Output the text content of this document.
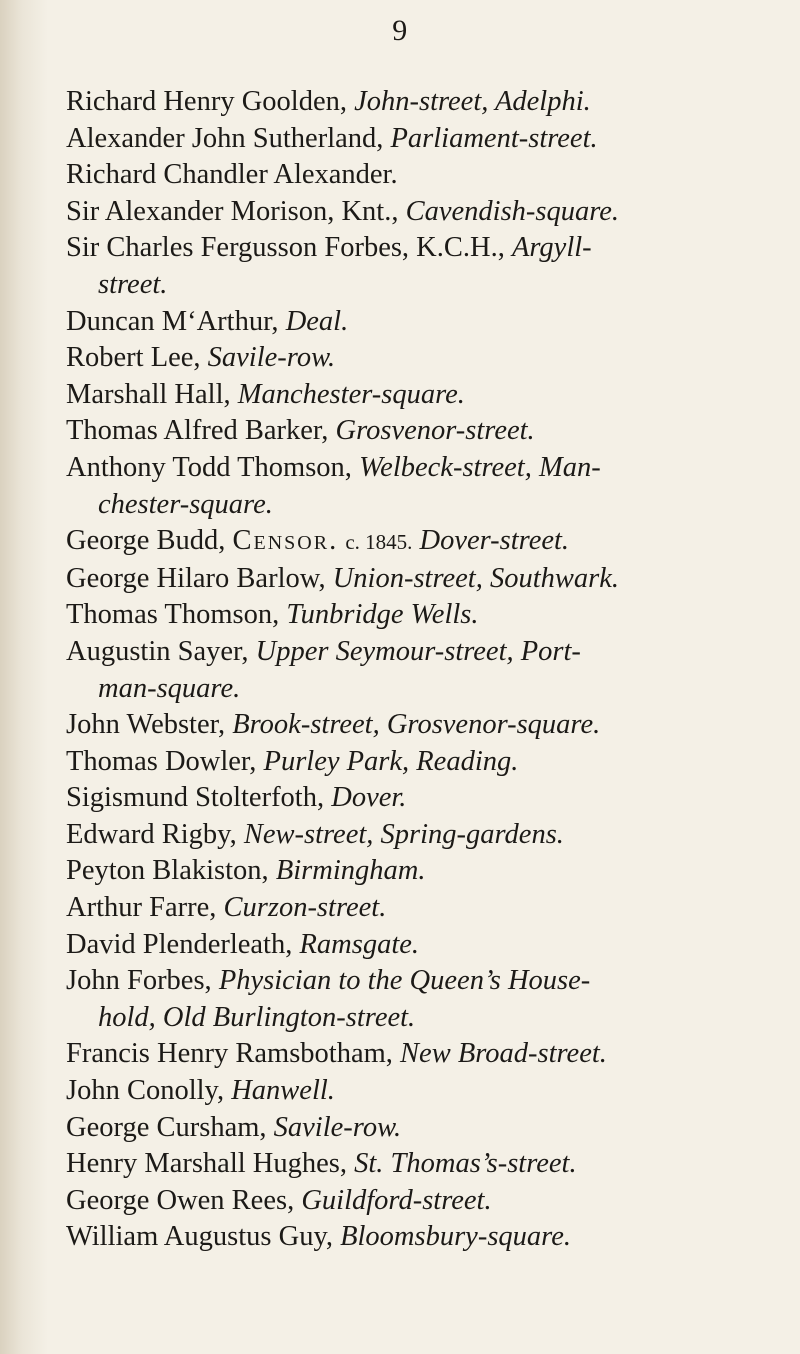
9
Richard Henry Goolden, John-street, Adelphi.
Alexander John Sutherland, Parliament-street.
Richard Chandler Alexander.
Sir Alexander Morison, Knt., Cavendish-square.
Sir Charles Fergusson Forbes, K.C.H., Argyll-
street.
Duncan M‘Arthur, Deal.
Robert Lee, Savile-row.
Marshall Hall, Manchester-square.
Thomas Alfred Barker, Grosvenor-street.
Anthony Todd Thomson, Welbeck-street, Man-
chester-square.
George Budd, Censor. c. 1845. Dover-street.
George Hilaro Barlow, Union-street, Southwark.
Thomas Thomson, Tunbridge Wells.
Augustin Sayer, Upper Seymour-street, Port-
man-square.
John Webster, Brook-street, Grosvenor-square.
Thomas Dowler, Purley Park, Reading.
Sigismund Stolterfoth, Dover.
Edward Rigby, New-street, Spring-gardens.
Peyton Blakiston, Birmingham.
Arthur Farre, Curzon-street.
David Plenderleath, Ramsgate.
John Forbes, Physician to the Queen’s House-
hold, Old Burlington-street.
Francis Henry Ramsbotham, New Broad-street.
John Conolly, Hanwell.
George Cursham, Savile-row.
Henry Marshall Hughes, St. Thomas’s-street.
George Owen Rees, Guildford-street.
William Augustus Guy, Bloomsbury-square.
